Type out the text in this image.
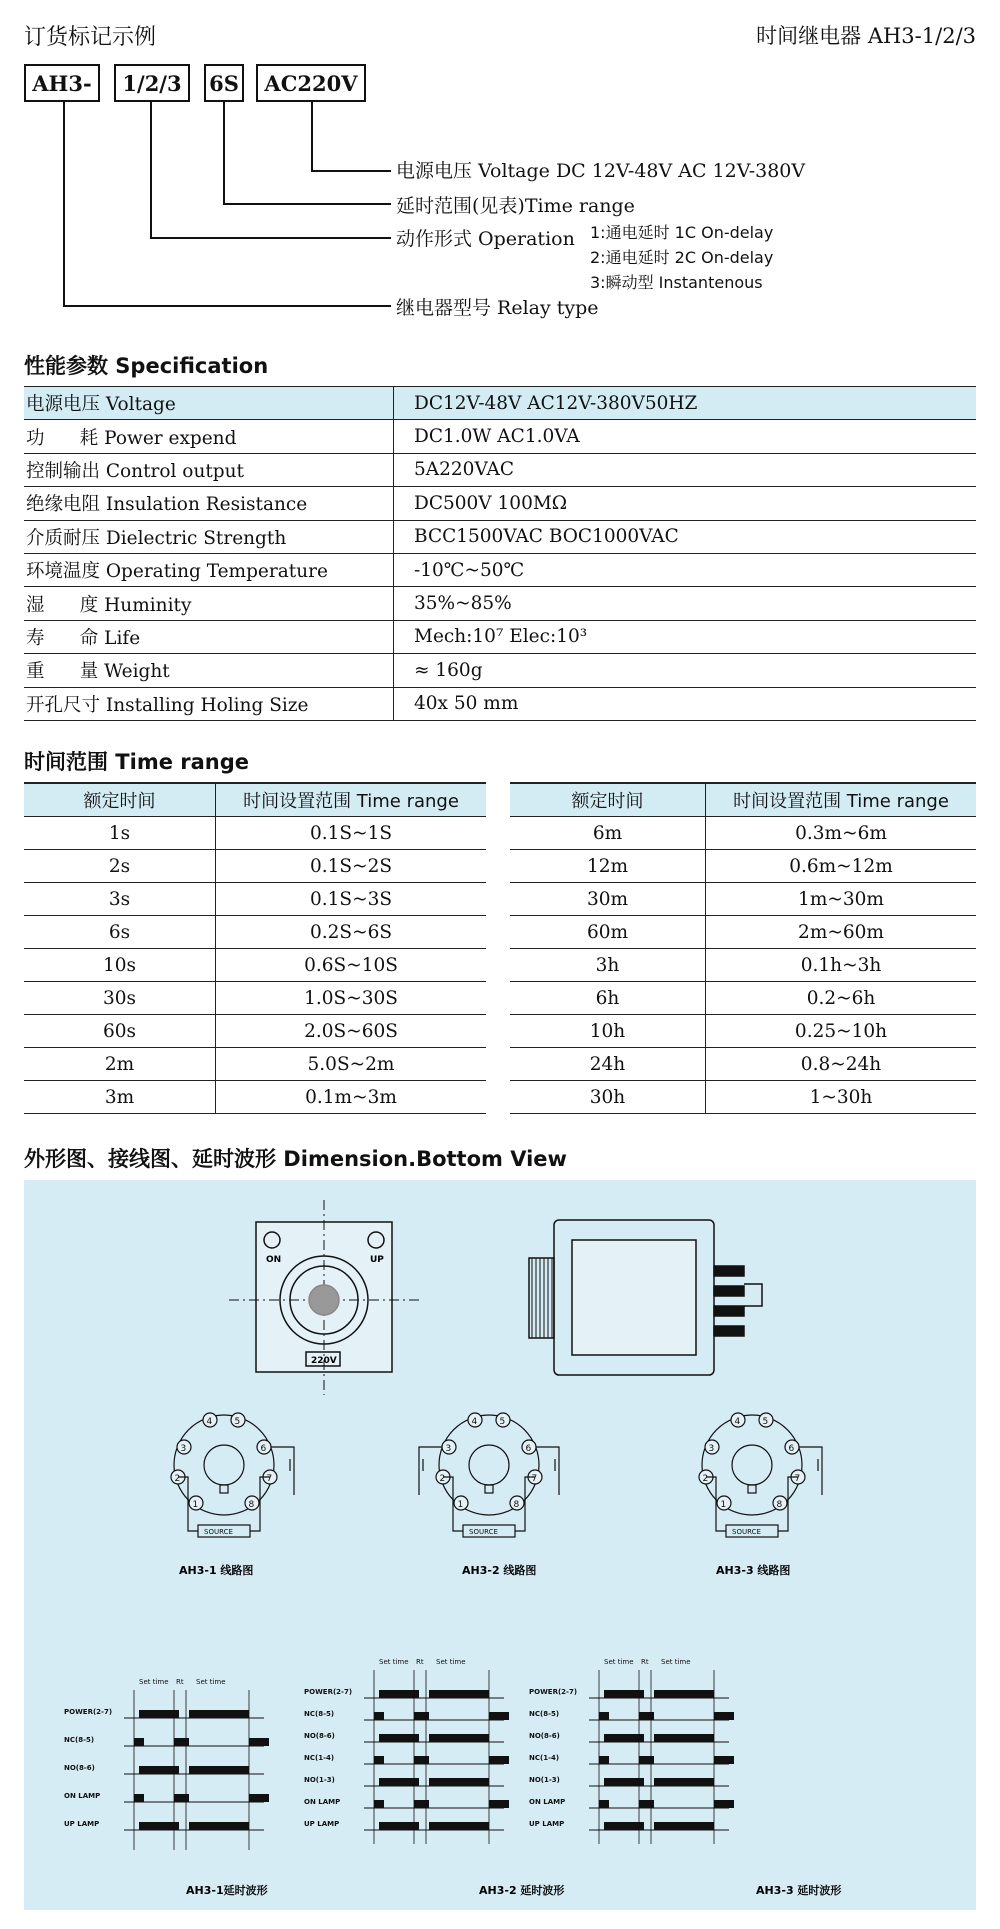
订货标记示例	时间继电器 AH3-1/2/3
AH3-	1/2/3	6S	AC220V
电源电压 Voltage DC 12V-48V AC 12V-380V
延时范围(见表)Time range
动作形式 Operation 1:通电延时 1C On-delay
2:通电延时 2C On-delay
3:瞬动型 Instantenous
继电器型号 Relay type
性能参数 Specification
电源电压 Voltage	DC12V-48V AC12V-380V50HZ
功      耗 Power expend	DC1.0W AC1.0VA
控制输出 Control output	5A220VAC
绝缘电阻 Insulation Resistance	DC500V 100MΩ
介质耐压 Dielectric Strength	BCC1500VAC BOC1000VAC
环境温度 Operating Temperature	-10℃~50℃
湿      度 Huminity	35%~85%
寿      命 Life	Mech:10⁷ Elec:10³
重      量 Weight	≈ 160g
开孔尺寸 Installing Holing Size	40x 50 mm
时间范围 Time range
额定时间	时间设置范围 Time range
1s	0.1S~1S
2s	0.1S~2S
3s	0.1S~3S
6s	0.2S~6S
10s	0.6S~10S
30s	1.0S~30S
60s	2.0S~60S
2m	5.0S~2m
3m	0.1m~3m
额定时间	时间设置范围 Time range
6m	0.3m~6m
12m	0.6m~12m
30m	1m~30m
60m	2m~60m
3h	0.1h~3h
6h	0.2~6h
10h	0.25~10h
24h	0.8~24h
30h	1~30h
外形图、接线图、延时波形 Dimension.Bottom View
ON	UP
220V
1
2
3
4 5
6
7
8
SOURCE
1
2
3
4 5
6
7
8
SOURCE
1
2
3
4 5
6
7
8
SOURCE
AH3-1 线路图	AH3-2 线路图	AH3-3 线路图
Set time Rt Set time
POWER(2-7)
NC(8-5)
NO(8-6)
ON LAMP
UP LAMP
Set time Rt Set time
POWER(2-7)
NC(8-5)
NO(8-6)
NC(1-4)
NO(1-3)
ON LAMP
UP LAMP
Set time Rt Set time
POWER(2-7)
NC(8-5)
NO(8-6)
NC(1-4)
NO(1-3)
ON LAMP
UP LAMP
AH3-1延时波形	AH3-2 延时波形	AH3-3 延时波形
